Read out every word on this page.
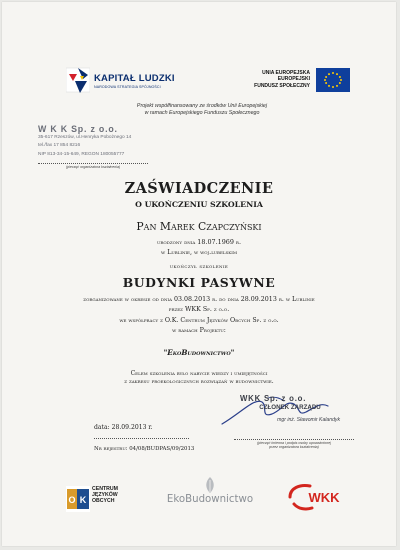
KAPITAŁ LUDZKI
NARODOWA STRATEGIA SPÓJNOŚCI
UNIA EUROPEJSKA
EUROPEJSKI
FUNDUSZ SPOŁECZNY
Projekt współfinansowany ze środków Unii Europejskiej
w ramach Europejskiego Funduszu Społecznego
W K K Sp. z o.o.
35-617 Rzeszów, ul.Henryka Pobożnego 14
tel./fax 17 854 8216
NIP 813-34-15-649, REGON 180055777
(pieczęć organizatora kształcenia)
ZAŚWIADCZENIE
O UKOŃCZENIU SZKOLENIA
Pan Marek Czapczyński
urodzony dnia 18.07.1969 r.
w Lublinie, w woj.lubelskim
ukończył szkolenie
BUDYNKI PASYWNE
zorganizowane w okresie od dnia 03.08.2013 r. do dnia 28.09.2013 r. w Lublinie
przez WKK Sp. z o.o.
we współpracy z O.K. Centrum Języków Obcych Sp. z o.o.
w ramach Projektu:
"EkoBudownictwo"
Celem szkolenia było nabycie wiedzy i umiejętności
z zakresu proekologicznych rozwiązań w budownictwie.
WKK Sp. z o.o.
CZŁONEK ZARZĄDU
mgr inż. Sławomir Kalandyk
data: 28.09.2013 r.
Nr rejestru: 04/08/BUDPAS/09/2013
(pieczęć imienna i podpis osoby upoważnionej
przez organizatora kształcenia)
O K
CENTRUM
JĘZYKÓW
OBCYCH	EkoBudownictwo	WKK
